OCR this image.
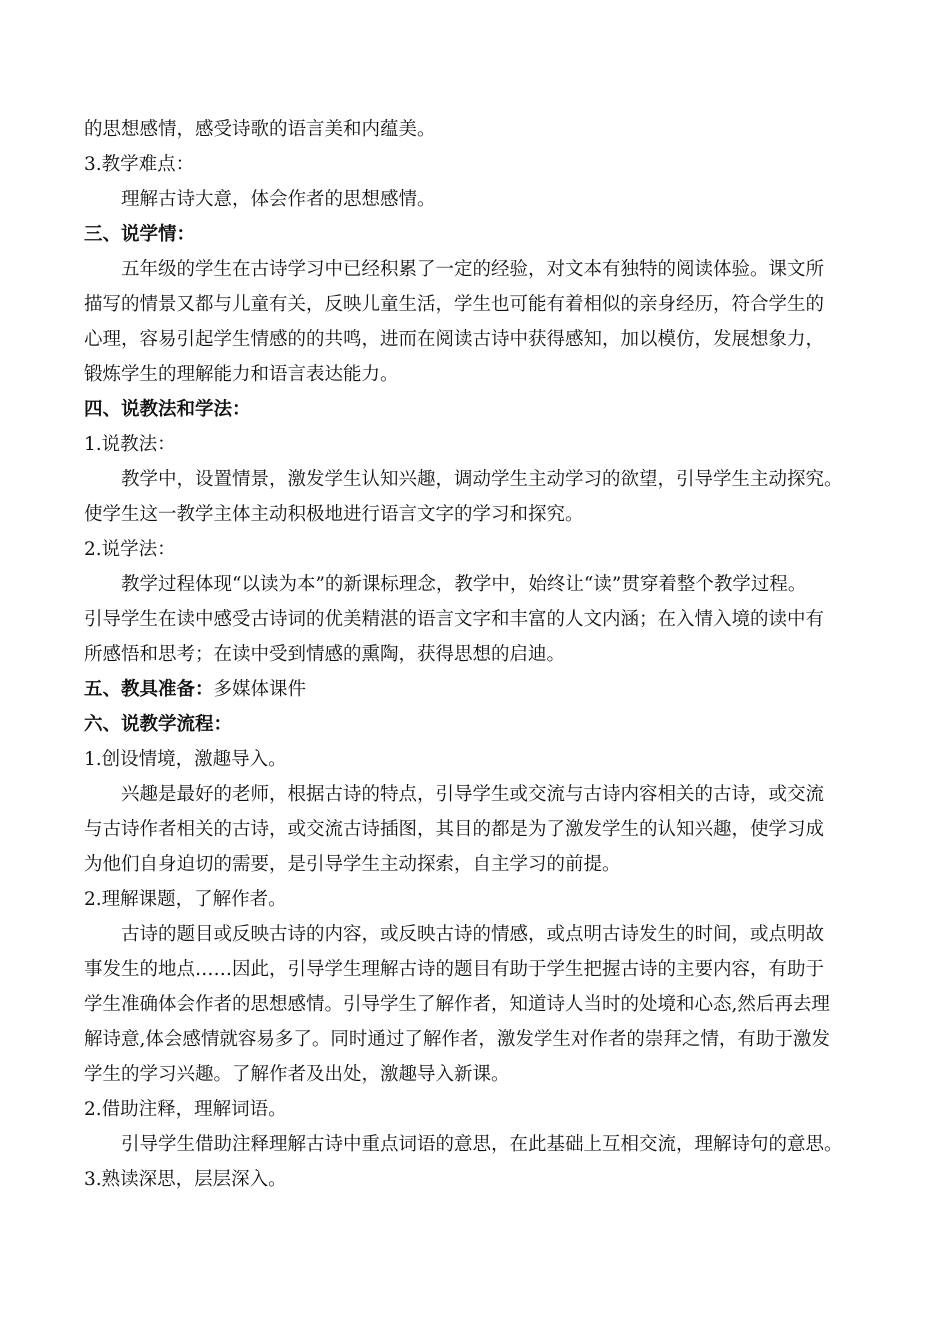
的思想感情，感受诗歌的语言美和内蕴美。
3.教学难点：
理解古诗大意，体会作者的思想感情。
三、说学情：
五年级的学生在古诗学习中已经积累了一定的经验，对文本有独特的阅读体验。课文所
描写的情景又都与儿童有关，反映儿童生活，学生也可能有着相似的亲身经历，符合学生的
心理，容易引起学生情感的的共鸣，进而在阅读古诗中获得感知，加以模仿，发展想象力，
锻炼学生的理解能力和语言表达能力。
四、说教法和学法：
1.说教法：
教学中，设置情景，激发学生认知兴趣，调动学生主动学习的欲望，引导学生主动探究。
使学生这一教学主体主动积极地进行语言文字的学习和探究。
2.说学法：
教学过程体现“以读为本”的新课标理念，教学中，始终让“读”贯穿着整个教学过程。
引导学生在读中感受古诗词的优美精湛的语言文字和丰富的人文内涵；在入情入境的读中有
所感悟和思考；在读中受到情感的熏陶，获得思想的启迪。
五、教具准备：多媒体课件
六、说教学流程：
1.创设情境，激趣导入。
兴趣是最好的老师，根据古诗的特点，引导学生或交流与古诗内容相关的古诗，或交流
与古诗作者相关的古诗，或交流古诗插图，其目的都是为了激发学生的认知兴趣，使学习成
为他们自身迫切的需要，是引导学生主动探索，自主学习的前提。
2.理解课题，了解作者。
古诗的题目或反映古诗的内容，或反映古诗的情感，或点明古诗发生的时间，或点明故
事发生的地点……因此，引导学生理解古诗的题目有助于学生把握古诗的主要内容，有助于
学生准确体会作者的思想感情。引导学生了解作者，知道诗人当时的处境和心态,然后再去理
解诗意,体会感情就容易多了。同时通过了解作者，激发学生对作者的崇拜之情，有助于激发
学生的学习兴趣。了解作者及出处，激趣导入新课。
2.借助注释，理解词语。
引导学生借助注释理解古诗中重点词语的意思，在此基础上互相交流，理解诗句的意思。
3.熟读深思，层层深入。
